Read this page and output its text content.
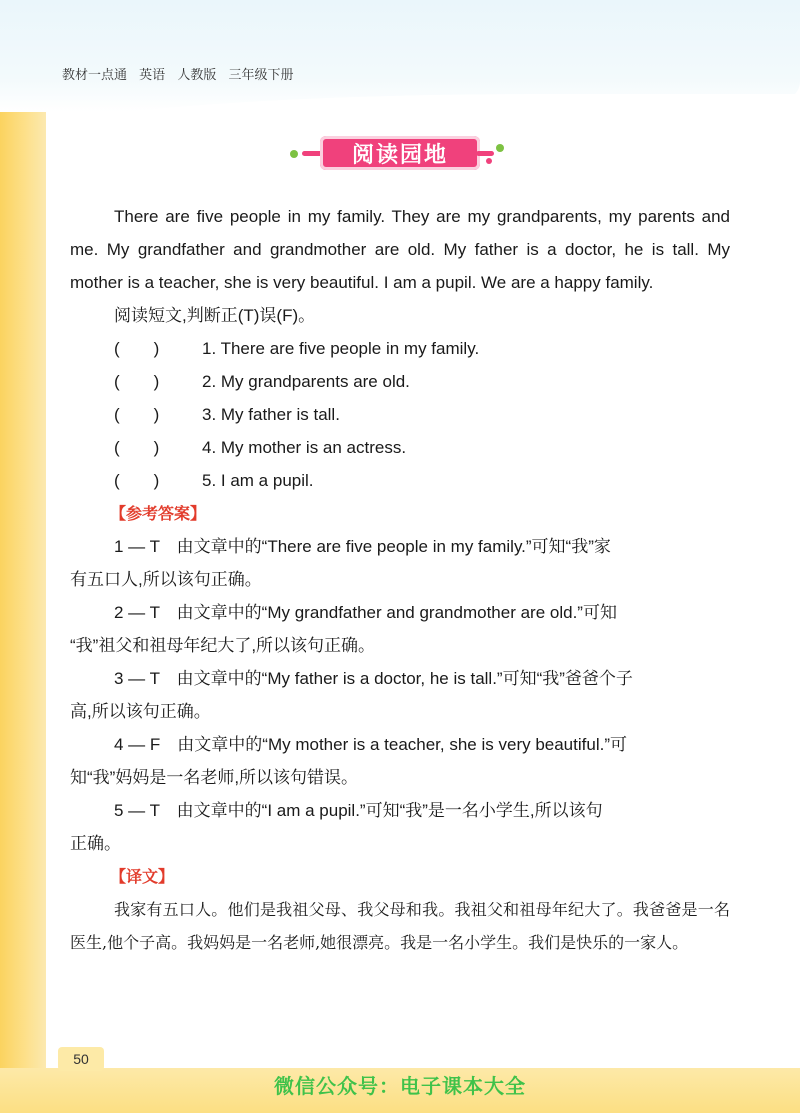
教材一点通 英语 人教版 三年级下册
阅读园地
There are five people in my family. They are my grandparents, my parents and me. My grandfather and grandmother are old. My father is a doctor, he is tall. My mother is a teacher, she is very beautiful. I am a pupil. We are a happy family.
阅读短文,判断正(T)误(F)。
(　　)	1. There are five people in my family.
(　　)	2. My grandparents are old.
(　　)	3. My father is tall.
(　　)	4. My mother is an actress.
(　　)	5. I am a pupil.
【参考答案】
1 — T　由文章中的“There are five people in my family.”可知“我”家
有五口人,所以该句正确。
2 — T　由文章中的“My grandfather and grandmother are old.”可知
“我”祖父和祖母年纪大了,所以该句正确。
3 — T　由文章中的“My father is a doctor, he is tall.”可知“我”爸爸个子
高,所以该句正确。
4 — F　由文章中的“My mother is a teacher, she is very beautiful.”可
知“我”妈妈是一名老师,所以该句错误。
5 — T　由文章中的“I am a pupil.”可知“我”是一名小学生,所以该句
正确。
【译文】
我家有五口人。他们是我祖父母、我父母和我。我祖父和祖母年纪大了。我爸爸是一名医生,他个子高。我妈妈是一名老师,她很漂亮。我是一名小学生。我们是快乐的一家人。
50
微信公众号：电子课本大全
